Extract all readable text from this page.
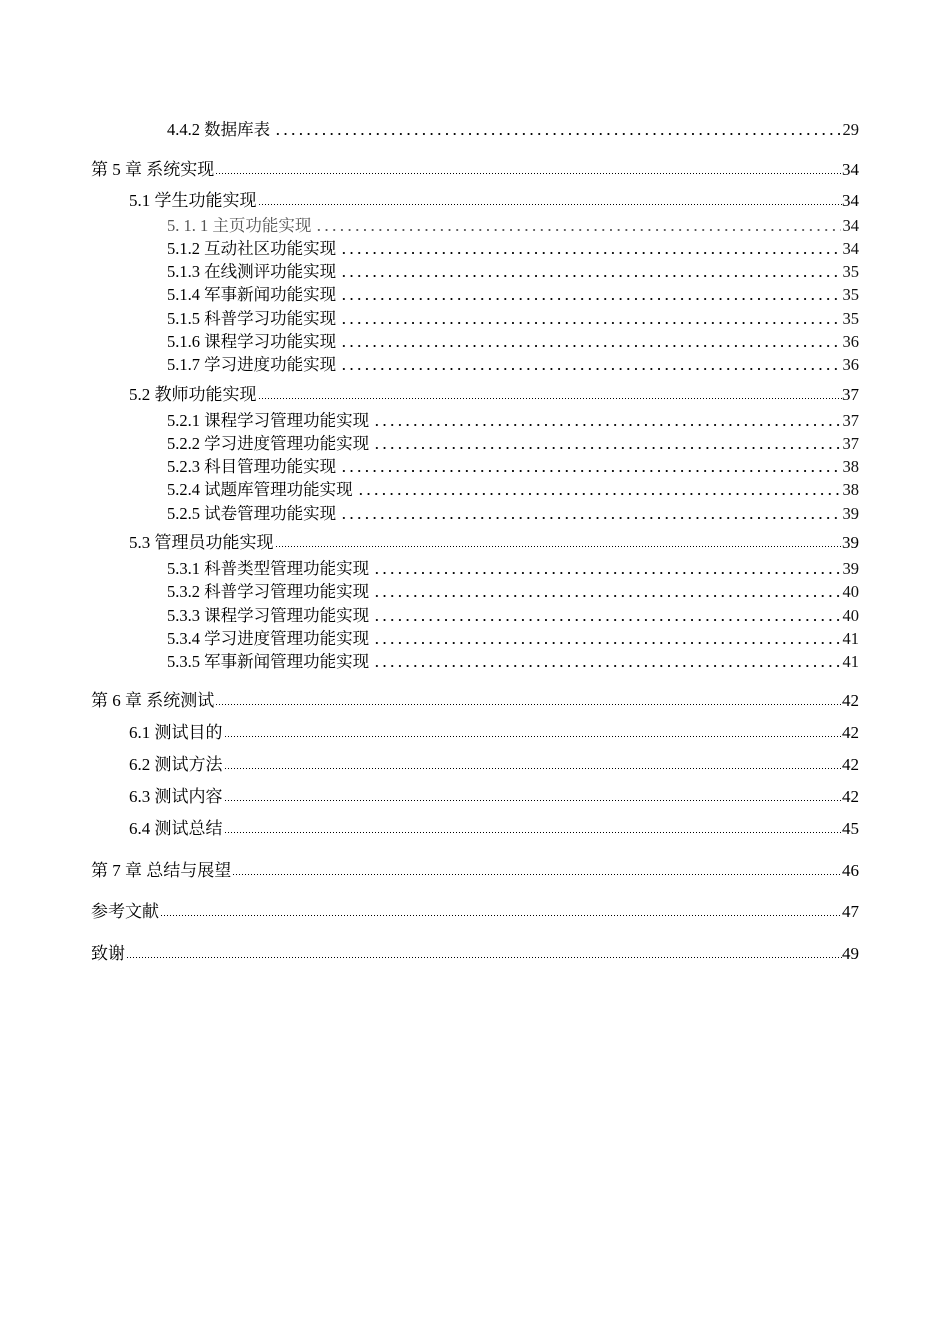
4.4.2 数据库表	29
第 5 章 系统实现	34
5.1 学生功能实现	34
5. 1. 1 主页功能实现	34
5.1.2 互动社区功能实现	34
5.1.3 在线测评功能实现	35
5.1.4 军事新闻功能实现	35
5.1.5 科普学习功能实现	35
5.1.6 课程学习功能实现	36
5.1.7 学习进度功能实现	36
5.2 教师功能实现	37
5.2.1 课程学习管理功能实现	37
5.2.2 学习进度管理功能实现	37
5.2.3 科目管理功能实现	38
5.2.4 试题库管理功能实现	38
5.2.5 试卷管理功能实现	39
5.3 管理员功能实现	39
5.3.1 科普类型管理功能实现	39
5.3.2 科普学习管理功能实现	40
5.3.3 课程学习管理功能实现	40
5.3.4 学习进度管理功能实现	41
5.3.5 军事新闻管理功能实现	41
第 6 章 系统测试	42
6.1 测试目的	42
6.2 测试方法	42
6.3 测试内容	42
6.4 测试总结	45
第 7 章 总结与展望	46
参考文献	47
致谢	49
